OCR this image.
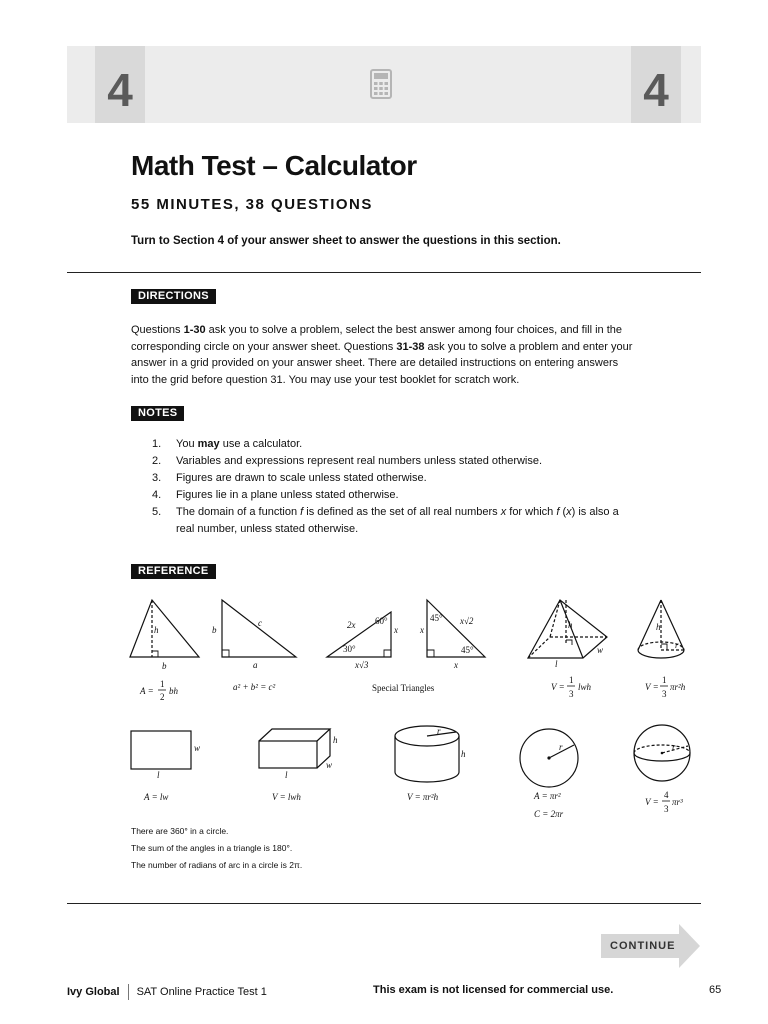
4	4
Math Test – Calculator
55 MINUTES, 38 QUESTIONS

Turn to Section 4 of your answer sheet to answer the questions in this section.

DIRECTIONS

Questions 1-30 ask you to solve a problem, select the best answer among four choices, and fill in the corresponding circle on your answer sheet. Questions 31-38 ask you to solve a problem and enter your answer in a grid provided on your answer sheet. There are detailed instructions on entering answers into the grid before question 31. You may use your test booklet for scratch work.

NOTES
1. You may use a calculator.
2. Variables and expressions represent real numbers unless stated otherwise.
3. Figures are drawn to scale unless stated otherwise.
4. Figures lie in a plane unless stated otherwise.
5. The domain of a function f is defined as the set of all real numbers x for which f (x) is also a real number, unless stated otherwise.
REFERENCE
h
b
A =
1
2
bh
c
b
a
a² + b² = c²
2x 60°
x
30°
x√3
45° x√2
x
45°
x
Special Triangles
h
w
l
V =
1
3
lwh
h
r
V =
1
3
πr²h
w
l
A = lw
h
w
l
V = lwh
r
h
V = πr²h
r
A = πr²
C = 2πr
r
V =
4
3
πr³
There are 360° in a circle.
The sum of the angles in a triangle is 180°.
The number of radians of arc in a circle is 2π.
CONTINUE
Ivy Global SAT Online Practice Test 1	This exam is not licensed for commercial use.	65
